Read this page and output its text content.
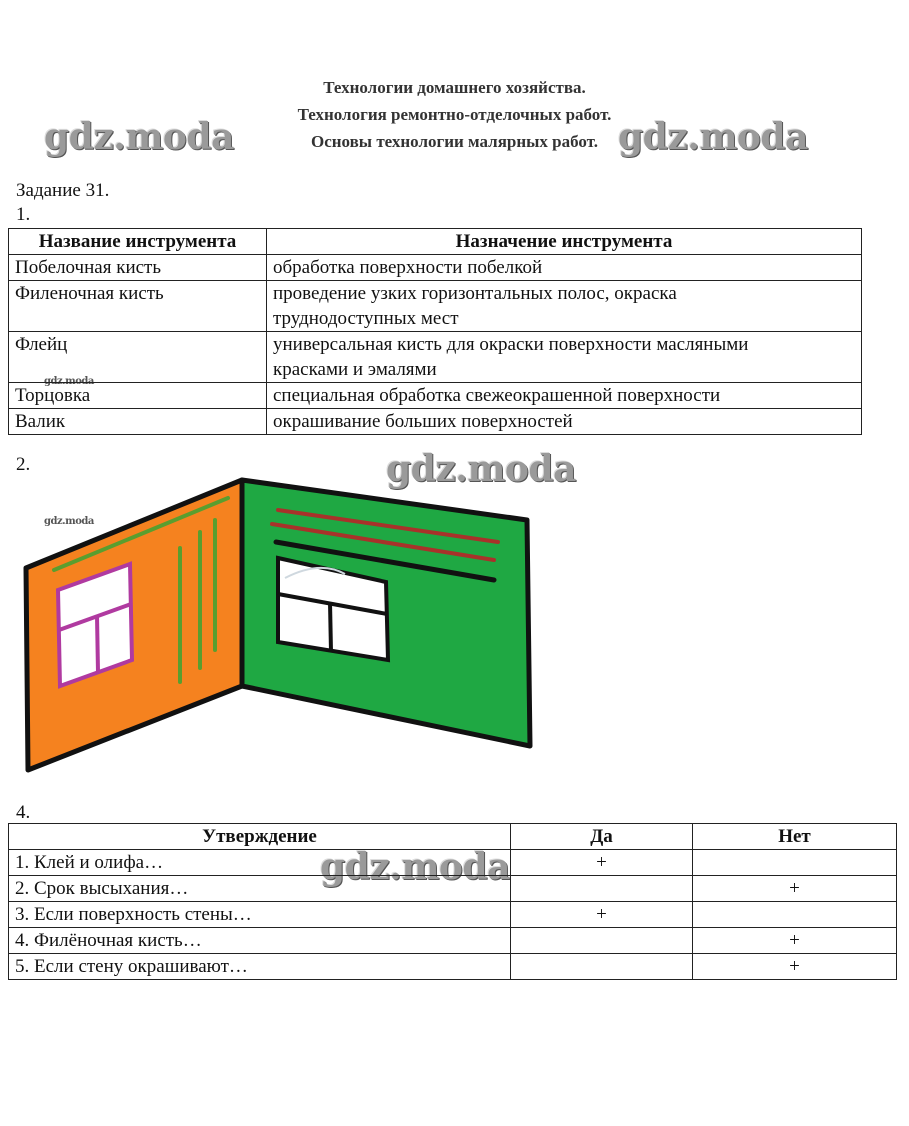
Технологии домашнего хозяйства.
Технология ремонтно-отделочных работ.
Основы технологии малярных работ.
gdz.moda	gdz.moda
gdz.moda
gdz.moda
gdz.moda
gdz.moda
Задание 31.
1.
Название инструмента	Назначение инструмента
Побелочная кисть	обработка поверхности побелкой
Филеночная кисть	проведение узких горизонтальных полос, окраска
труднодоступных мест
Флейц	универсальная кисть для окраски поверхности масляными
красками и эмалями
Торцовка	специальная обработка свежеокрашенной поверхности
Валик	окрашивание больших поверхностей
2.
4.
Утверждение	Да	Нет
1. Клей и олифа…	+	
2. Срок высыхания…		+
3. Если поверхность стены…	+	
4. Филёночная кисть…		+
5. Если стену окрашивают…		+
